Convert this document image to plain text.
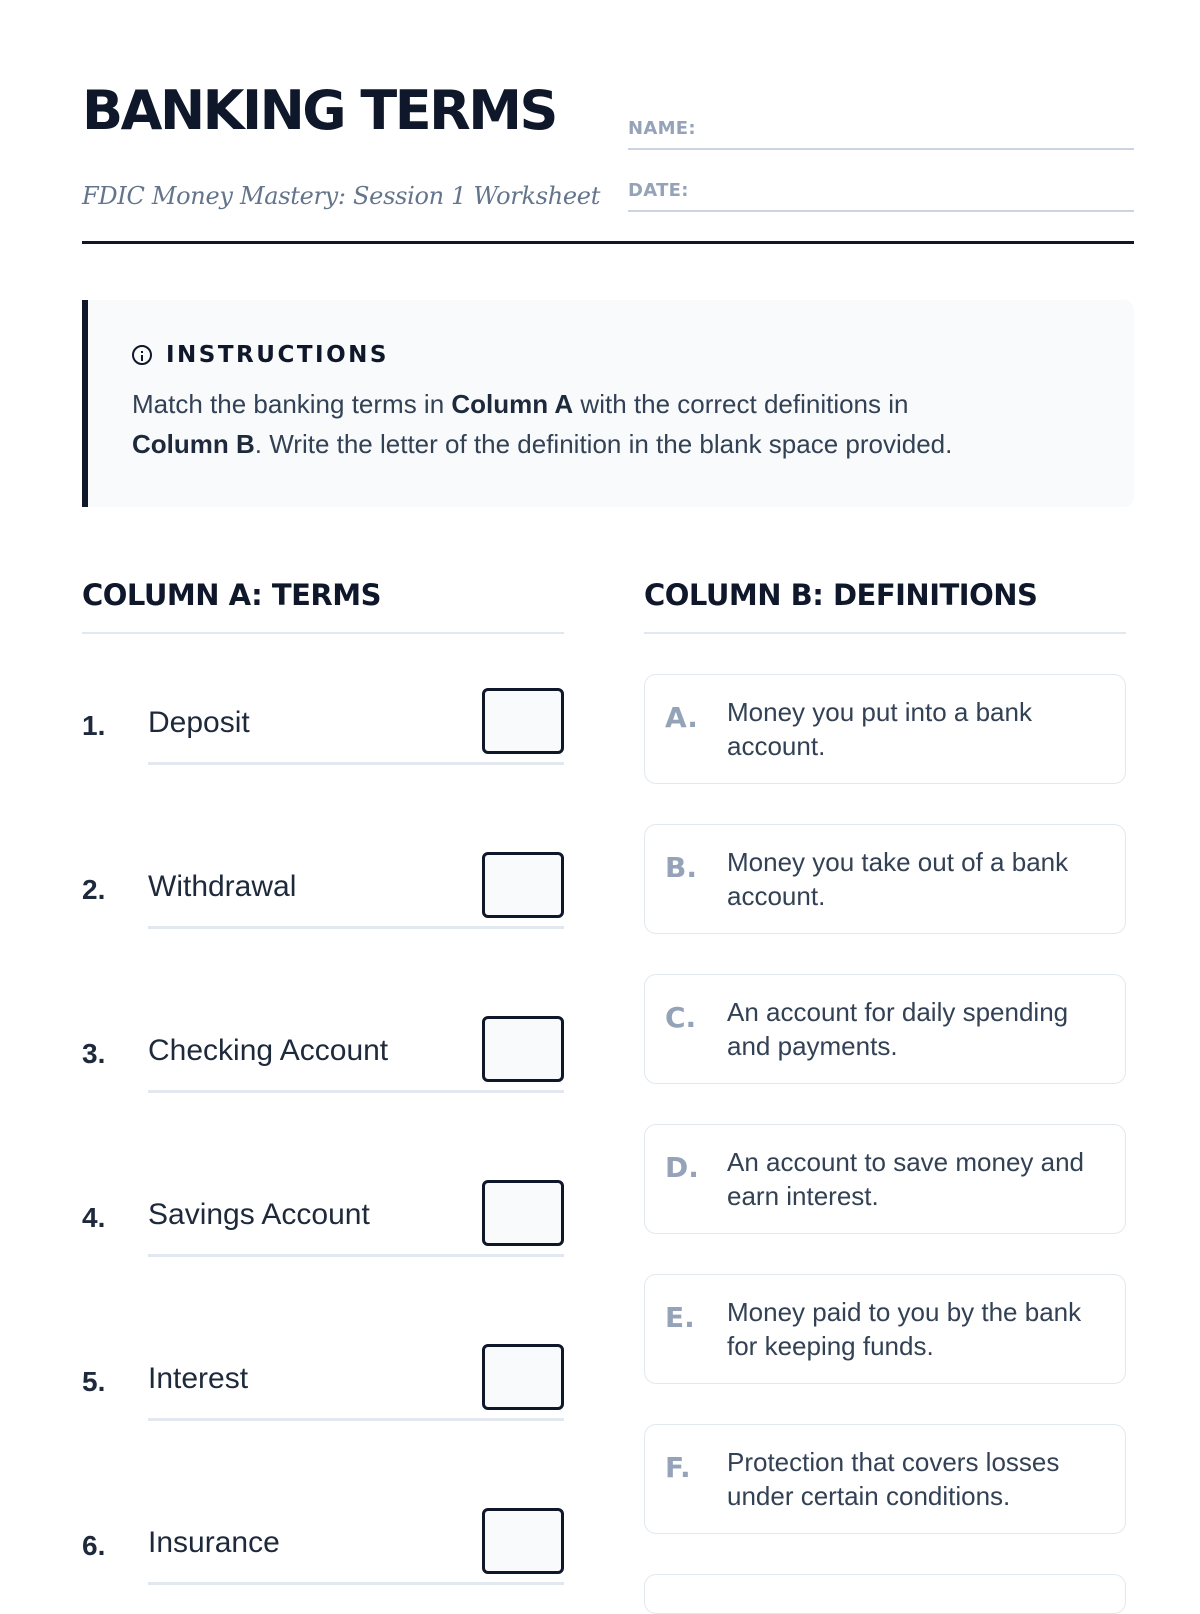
BANKING TERMS
FDIC Money Mastery: Session 1 Worksheet
NAME:
DATE:
INSTRUCTIONS
Match the banking terms in Column A with the correct definitions in
Column B. Write the letter of the definition in the blank space provided.
COLUMN A: TERMS	COLUMN B: DEFINITIONS
1. Deposit
2. Withdrawal
3. Checking Account
4. Savings Account
5. Interest
6. Insurance
A. Money you put into a bank account.
B. Money you take out of a bank account.
C. An account for daily spending and payments.
D. An account to save money and earn interest.
E. Money paid to you by the bank for keeping funds.
F. Protection that covers losses under certain conditions.
